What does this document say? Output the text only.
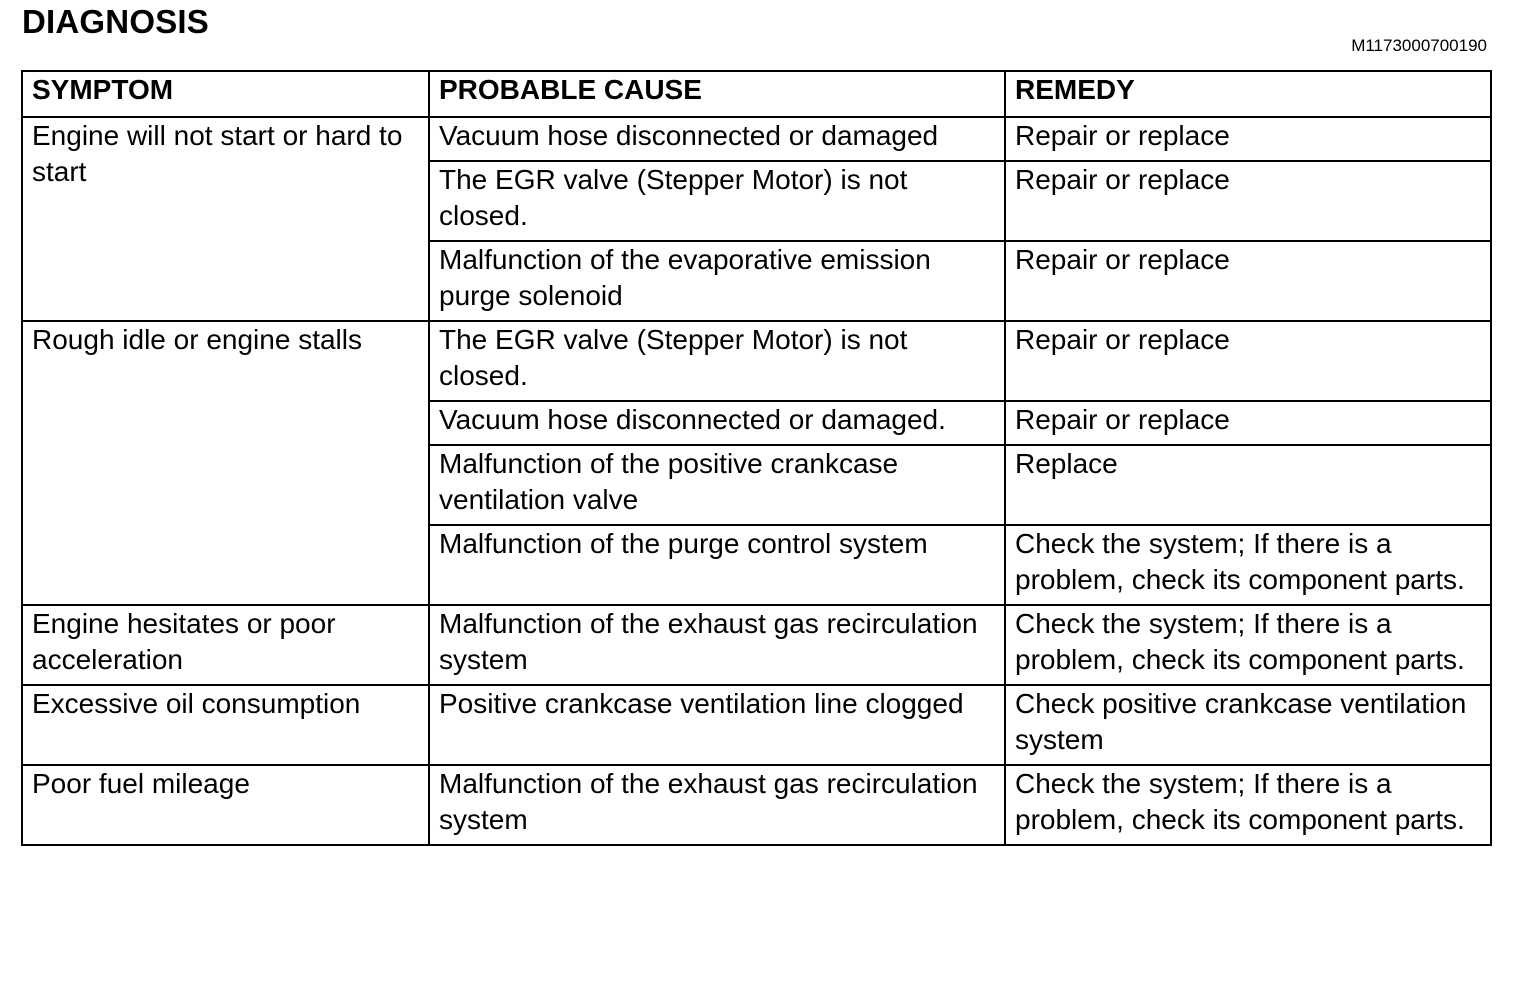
DIAGNOSIS
M1173000700190
SYMPTOM	PROBABLE CAUSE	REMEDY
Engine will not start or hard to start	Vacuum hose disconnected or damaged	Repair or replace
	The EGR valve (Stepper Motor) is not closed.	Repair or replace
	Malfunction of the evaporative emission purge solenoid	Repair or replace
Rough idle or engine stalls	The EGR valve (Stepper Motor) is not closed.	Repair or replace
	Vacuum hose disconnected or damaged.	Repair or replace
	Malfunction of the positive crankcase ventilation valve	Replace
	Malfunction of the purge control system	Check the system; If there is a problem, check its component parts.
Engine hesitates or poor acceleration	Malfunction of the exhaust gas recirculation system	Check the system; If there is a problem, check its component parts.
Excessive oil consumption	Positive crankcase ventilation line clogged	Check positive crankcase ventilation system
Poor fuel mileage	Malfunction of the exhaust gas recirculation system	Check the system; If there is a problem, check its component parts.
